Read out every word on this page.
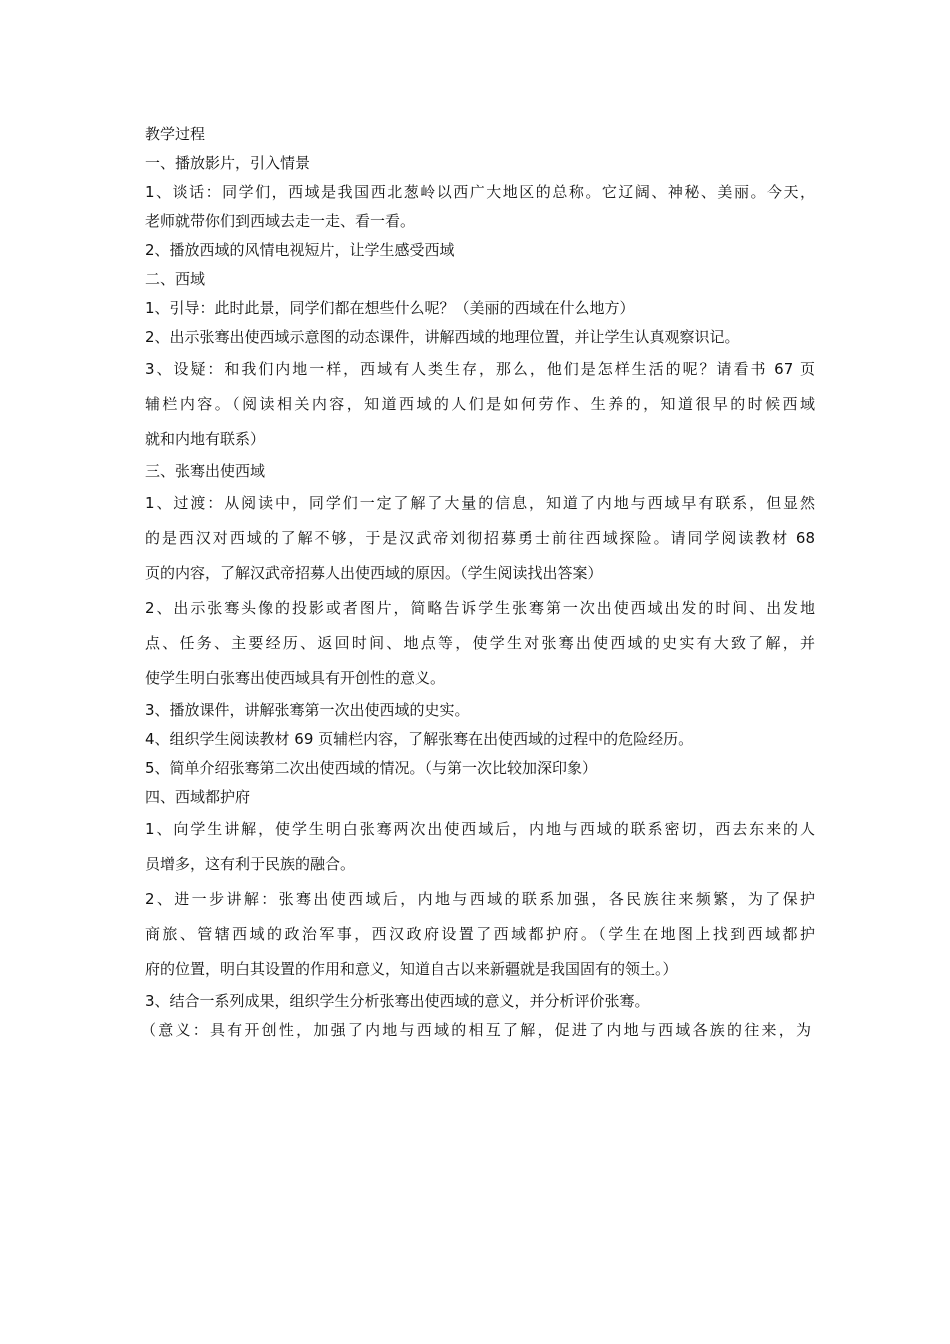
教学过程
一、播放影片，引入情景
1、谈话：同学们，西域是我国西北葱岭以西广大地区的总称。它辽阔、神秘、美丽。今天，
老师就带你们到西域去走一走、看一看。
2、播放西域的风情电视短片，让学生感受西域
二、西域
1、引导：此时此景，同学们都在想些什么呢？（美丽的西域在什么地方）
2、出示张骞出使西域示意图的动态课件，讲解西域的地理位置，并让学生认真观察识记。
3、设疑：和我们内地一样，西域有人类生存，那么，他们是怎样生活的呢？请看书 67 页
辅栏内容。（阅读相关内容，知道西域的人们是如何劳作、生养的，知道很早的时候西域
就和内地有联系）
三、张骞出使西域
1、过渡：从阅读中，同学们一定了解了大量的信息，知道了内地与西域早有联系，但显然
的是西汉对西域的了解不够，于是汉武帝刘彻招募勇士前往西域探险。请同学阅读教材 68
页的内容，了解汉武帝招募人出使西域的原因。（学生阅读找出答案）
2、出示张骞头像的投影或者图片，简略告诉学生张骞第一次出使西域出发的时间、出发地
点、任务、主要经历、返回时间、地点等，使学生对张骞出使西域的史实有大致了解，并
使学生明白张骞出使西域具有开创性的意义。
3、播放课件，讲解张骞第一次出使西域的史实。
4、组织学生阅读教材 69 页辅栏内容，了解张骞在出使西域的过程中的危险经历。
5、简单介绍张骞第二次出使西域的情况。（与第一次比较加深印象）
四、西域都护府
1、向学生讲解，使学生明白张骞两次出使西域后，内地与西域的联系密切，西去东来的人
员增多，这有利于民族的融合。
2、进一步讲解：张骞出使西域后，内地与西域的联系加强，各民族往来频繁，为了保护
商旅、管辖西域的政治军事，西汉政府设置了西域都护府。（学生在地图上找到西域都护
府的位置，明白其设置的作用和意义，知道自古以来新疆就是我国固有的领土。）
3、结合一系列成果，组织学生分析张骞出使西域的意义，并分析评价张骞。
（意义：具有开创性，加强了内地与西域的相互了解，促进了内地与西域各族的往来，为
